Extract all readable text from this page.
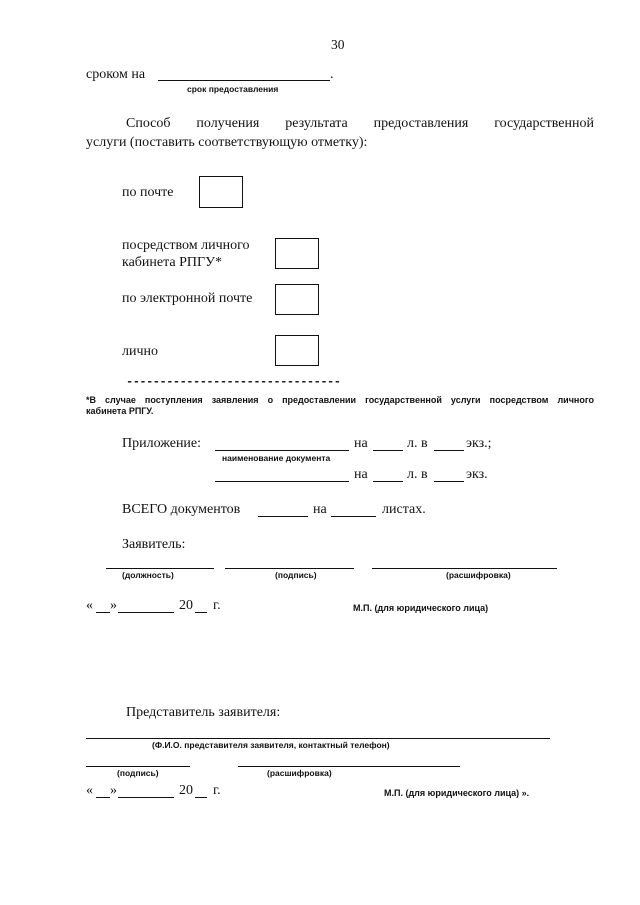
30
сроком на	.
срок предоставления
Способ получения результата предоставления государственной
услуги (поставить соответствующую отметку):
по почте
посредством личного
кабинета РПГУ*
по электронной почте
лично
--------------------------------
*В случае поступления заявления о предоставлении государственной услуги посредством личного
кабинета РПГУ.
Приложение:	на	л. в	экз.;
наименование документа
на	л. в	экз.
ВСЕГО документов	на	листах.
Заявитель:
(должность)	(подпись)	(расшифровка)
« »	20 г.	М.П. (для юридического лица)
Представитель заявителя:
(Ф.И.О. представителя заявителя, контактный телефон)
(подпись)	(расшифровка)
« »	20 г.	М.П. (для юридического лица) ».
